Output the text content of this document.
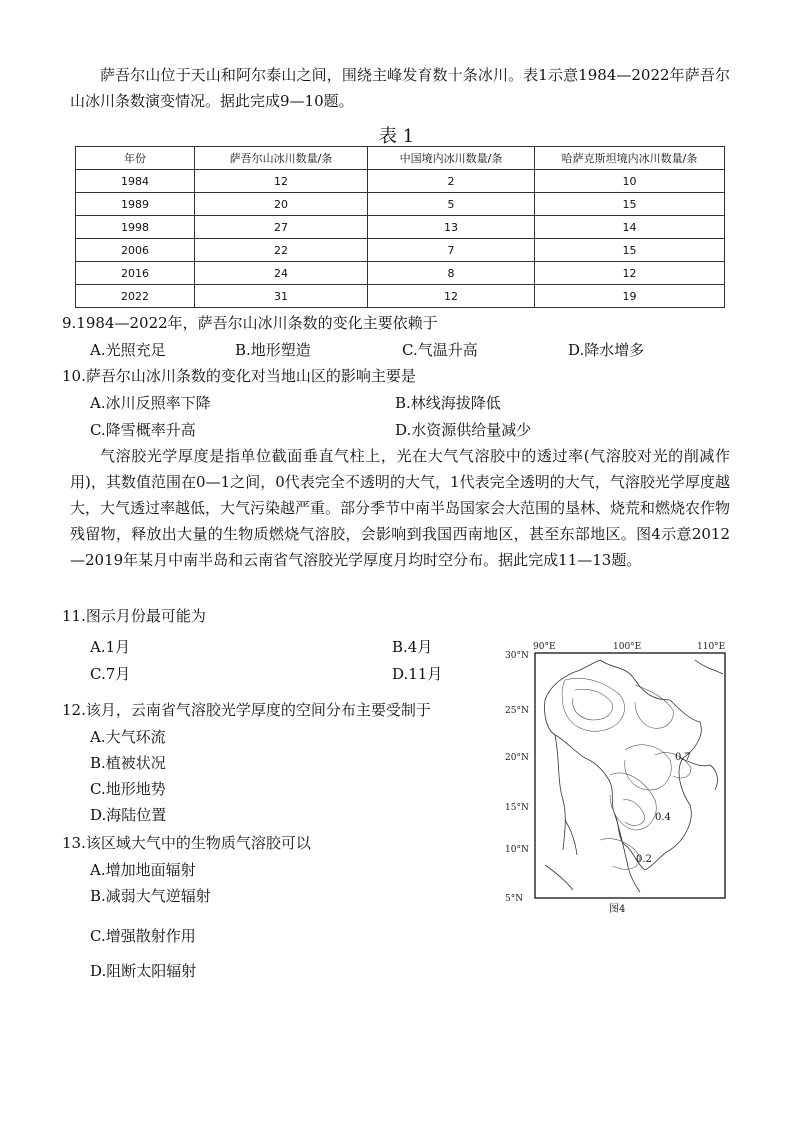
萨吾尔山位于天山和阿尔泰山之间，围绕主峰发育数十条冰川。表1示意1984—2022年萨吾尔山冰川条数演变情况。据此完成9—10题。
表 1
年份	萨吾尔山冰川数量/条	中国境内冰川数量/条	哈萨克斯坦境内冰川数量/条
1984	12	2	10
1989	20	5	15
1998	27	13	14
2006	22	7	15
2016	24	8	12
2022	31	12	19
9.1984—2022年，萨吾尔山冰川条数的变化主要依赖于
A.光照充足	B.地形塑造	C.气温升高	D.降水增多
10.萨吾尔山冰川条数的变化对当地山区的影响主要是
A.冰川反照率下降	B.林线海拔降低
C.降雪概率升高	D.水资源供给量减少
气溶胶光学厚度是指单位截面垂直气柱上，光在大气气溶胶中的透过率(气溶胶对光的削减作用)，其数值范围在0—1之间，0代表完全不透明的大气，1代表完全透明的大气，气溶胶光学厚度越大，大气透过率越低，大气污染越严重。部分季节中南半岛国家会大范围的垦林、烧荒和燃烧农作物残留物，释放出大量的生物质燃烧气溶胶，会影响到我国西南地区，甚至东部地区。图4示意2012—2019年某月中南半岛和云南省气溶胶光学厚度月均时空分布。据此完成11—13题。
11.图示月份最可能为
A.1月	B.4月
C.7月	D.11月
12.该月，云南省气溶胶光学厚度的空间分布主要受制于
A.大气环流
B.植被状况
C.地形地势
D.海陆位置
13.该区域大气中的生物质气溶胶可以
A.增加地面辐射
B.减弱大气逆辐射
C.增强散射作用
D.阻断太阳辐射
90°E	100°E	110°E
30°N
25°N
20°N
15°N
10°N
5°N
0.7
0.4
0.2
图4
